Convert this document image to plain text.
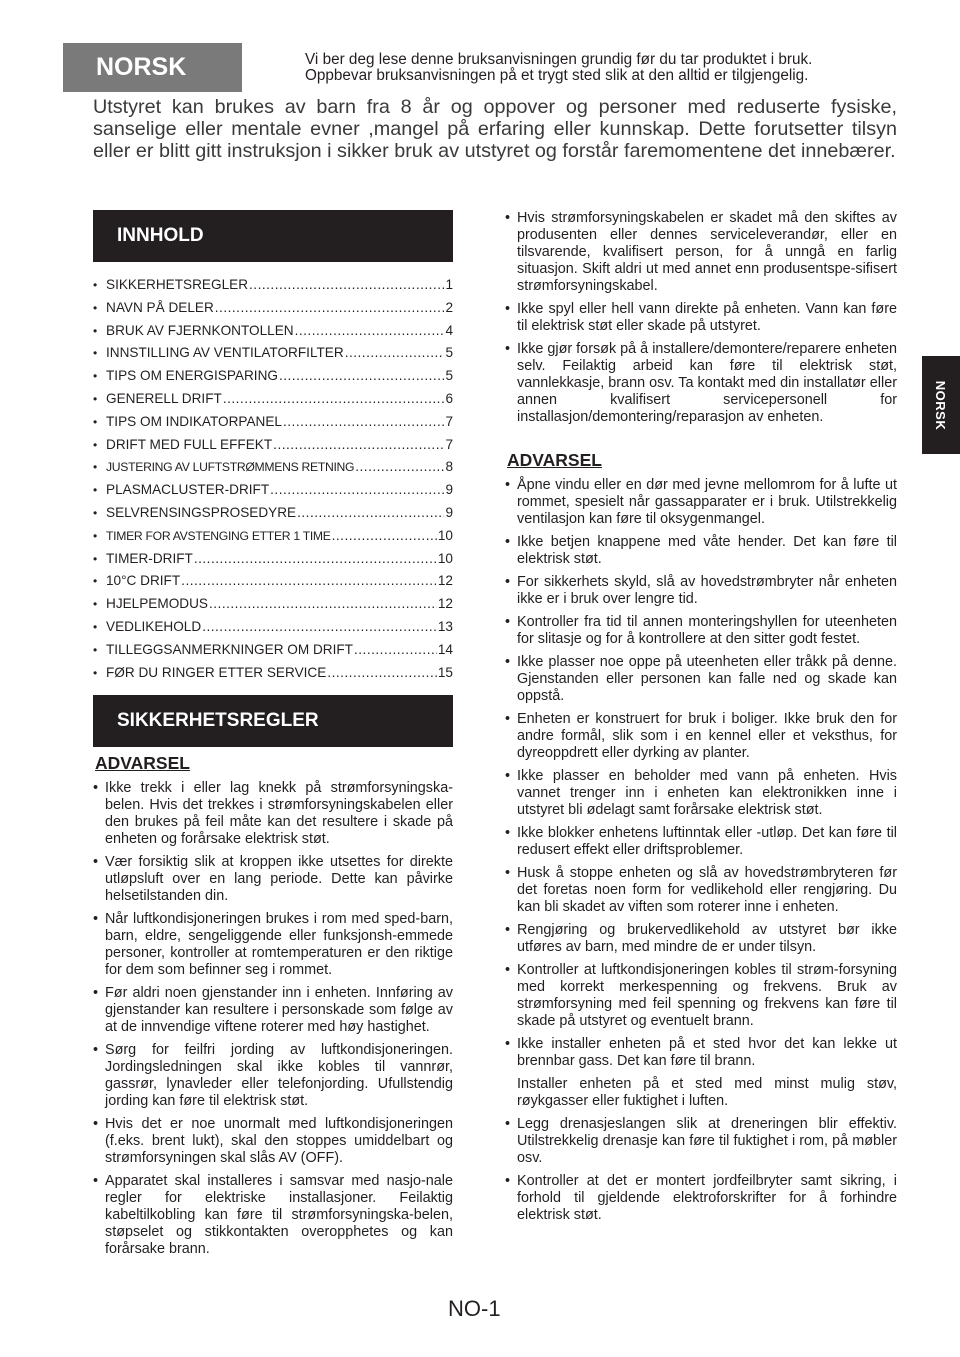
NORSK	Vi ber deg lese denne bruksanvisningen grundig før du tar produktet i bruk.
Oppbevar bruksanvisningen på et trygt sted slik at den alltid er tilgjengelig.
Utstyret kan brukes av barn fra 8 år og oppover og personer med reduserte fysiske, sanselige eller mentale evner ,mangel på erfaring eller kunnskap. Dette forutsetter tilsyn eller er blitt gitt instruksjon i sikker bruk av utstyret og forstår faremomentene det innebærer.
INNHOLD
• SIKKERHETSREGLER .....	1
• NAVN PÅ DELER .....	2
• BRUK AV FJERNKONTOLLEN .....	4
• INNSTILLING AV VENTILATORFILTER .....	5
• TIPS OM ENERGISPARING .....	5
• GENERELL DRIFT .....	6
• TIPS OM INDIKATORPANEL .....	7
• DRIFT MED FULL EFFEKT .....	7
• JUSTERING AV LUFTSTRØMMENS RETNING .....	8
• PLASMACLUSTER-DRIFT .....	9
• SELVRENSINGSPROSEDYRE .....	9
• TIMER FOR AVSTENGING ETTER 1 TIME .....	10
• TIMER-DRIFT .....	10
• 10°C DRIFT .....	12
• HJELPEMODUS .....	12
• VEDLIKEHOLD .....	13
• TILLEGGSANMERKNINGER OM DRIFT .....	14
• FØR DU RINGER ETTER SERVICE .....	15
SIKKERHETSREGLER
ADVARSEL
• Ikke trekk i eller lag knekk på strømforsyningska-belen. Hvis det trekkes i strømforsyningskabelen eller den brukes på feil måte kan det resultere i skade på enheten og forårsake elektrisk støt.
• Vær forsiktig slik at kroppen ikke utsettes for direkte utløpsluft over en lang periode. Dette kan påvirke helsetilstanden din.
• Når luftkondisjoneringen brukes i rom med sped-barn, barn, eldre, sengeliggende eller funksjonsh-emmede personer, kontroller at romtemperaturen er den riktige for dem som befinner seg i rommet.
• Før aldri noen gjenstander inn i enheten. Innføring av gjenstander kan resultere i personskade som følge av at de innvendige viftene roterer med høy hastighet.
• Sørg for feilfri jording av luftkondisjoneringen. Jordingsledningen skal ikke kobles til vannrør, gassrør, lynavleder eller telefonjording. Ufullstendig jording kan føre til elektrisk støt.
• Hvis det er noe unormalt med luftkondisjoneringen (f.eks. brent lukt), skal den stoppes umiddelbart og strømforsyningen skal slås AV (OFF).
• Apparatet skal installeres i samsvar med nasjo-nale regler for elektriske installasjoner. Feilaktig kabeltilkobling kan føre til strømforsyningska-belen, støpselet og stikkontakten overopphetes og kan forårsake brann.
• Hvis strømforsyningskabelen er skadet må den skiftes av produsenten eller dennes serviceleverandør, eller en tilsvarende, kvalifisert person, for å unngå en farlig situasjon. Skift aldri ut med annet enn produsentspe-sifisert strømforsyningskabel.
• Ikke spyl eller hell vann direkte på enheten. Vann kan føre til elektrisk støt eller skade på utstyret.
• Ikke gjør forsøk på å installere/demontere/reparere enheten selv. Feilaktig arbeid kan føre til elektrisk støt, vannlekkasje, brann osv. Ta kontakt med din installatør eller annen kvalifisert servicepersonell for installasjon/demontering/reparasjon av enheten.
ADVARSEL
• Åpne vindu eller en dør med jevne mellomrom for å lufte ut rommet, spesielt når gassapparater er i bruk. Utilstrekkelig ventilasjon kan føre til oksygenmangel.
• Ikke betjen knappene med våte hender. Det kan føre til elektrisk støt.
• For sikkerhets skyld, slå av hovedstrømbryter når enheten ikke er i bruk over lengre tid.
• Kontroller fra tid til annen monteringshyllen for uteenheten for slitasje og for å kontrollere at den sitter godt festet.
• Ikke plasser noe oppe på uteenheten eller tråkk på denne. Gjenstanden eller personen kan falle ned og skade kan oppstå.
• Enheten er konstruert for bruk i boliger. Ikke bruk den for andre formål, slik som i en kennel eller et veksthus, for dyreoppdrett eller dyrking av planter.
• Ikke plasser en beholder med vann på enheten. Hvis vannet trenger inn i enheten kan elektronikken inne i utstyret bli ødelagt samt forårsake elektrisk støt.
• Ikke blokker enhetens luftinntak eller -utløp. Det kan føre til redusert effekt eller driftsproblemer.
• Husk å stoppe enheten og slå av hovedstrømbryteren før det foretas noen form for vedlikehold eller rengjøring. Du kan bli skadet av viften som roterer inne i enheten.
• Rengjøring og brukervedlikehold av utstyret bør ikke utføres av barn, med mindre de er under tilsyn.
• Kontroller at luftkondisjoneringen kobles til strøm-forsyning med korrekt merkespenning og frekvens. Bruk av strømforsyning med feil spenning og frekvens kan føre til skade på utstyret og eventuelt brann.
• Ikke installer enheten på et sted hvor det kan lekke ut brennbar gass. Det kan føre til brann.
Installer enheten på et sted med minst mulig støv, røykgasser eller fuktighet i luften.
• Legg drenasjeslangen slik at dreneringen blir effektiv. Utilstrekkelig drenasje kan føre til fuktighet i rom, på møbler osv.
• Kontroller at det er montert jordfeilbryter samt sikring, i forhold til gjeldende elektroforskrifter for å forhindre elektrisk støt.
NORSK
NO-1
